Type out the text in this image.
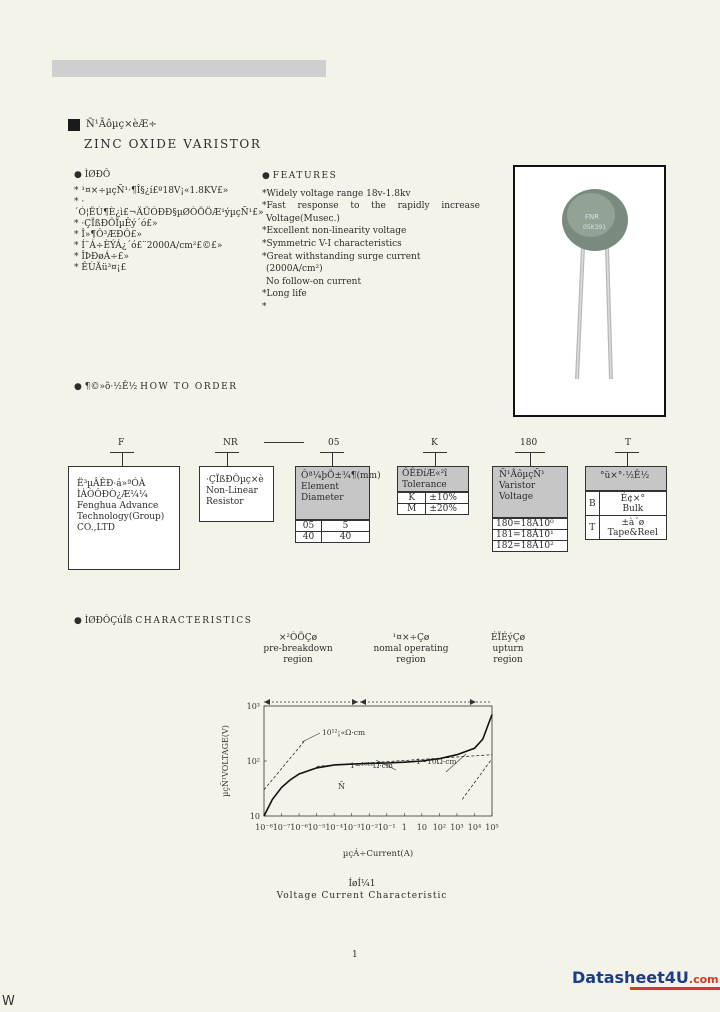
Ñ¹Ãôµç×èÆ÷
ZINC OXIDE VARISTOR
● ÌØÐÔ
* ¹¤×÷µçÑ¹·¶Î§¿í£º18V¡«1.8KV£»
* ·´Ó¦ËÙ¶È¿ì£¬ÄÜÓÐÐ§µØÒÖÖÆ¹ýµçÑ¹£»
* ·ÇÏßÐÔÏµÊý´ó£»
* Î»¶Ô³ÆÐÔ£»
* Í¨Á÷ÈÝÁ¿´ó£¨2000A/cm²£©£»
* ÎÞÐøÁ÷£»
* ÊÙÃü³¤¡£
● FEATURES
*Widely voltage range 18v-1.8kv
*Fast response to the rapidly increase
Voltage(Musec.)
*Excellent non-linearity voltage
*Symmetric V-I characteristics
*Great withstanding surge current
(2000A/cm²)
No follow-on current
*Long life
*
FNR
05K391
● ¶©»õ·½Ê½ HOW TO ORDER
F	NR	05	K	180	T
Ë³µÂÊÐ·á»ªÓÀ
ÌÀÒÔÐÒ¿Æ¼¼
Fenghua Advance
Technology(Group)
CO.,LTD
·ÇÏßÐÔµç×è
Non-Linear
Resistor
Ôª¼þÖ±¾¶(mm)
Element
Diameter
05	5
40	40
ÔÊÐíÆ«²î
Tolerance
K	±10%
M	±20%
Ñ¹ÃôµçÑ¹
Varistor
Voltage
180=18Á10⁰
181=18Á10¹
182=18Á10²
°ü×°·½Ê½
B	É¢×°
Bulk

T	±à´ø
Tape&Reel
● ÌØÐÔÇúÏß CHARACTERISTICS
×²ÒÖÇø
pre-breakdown
region
¹¤×÷Çø
nomal operating
region
ÉÏÉýÇø
upturn
region
10⁻⁸ 10⁻⁷ 10⁻⁶ 10⁻⁵ 10⁻⁴ 10⁻³ 10⁻² 10⁻¹ 1 10 10² 10³ 10⁴ 10⁵
10
10²
10³
µçÁ÷Current(A)
µçÑ¹VOLTAGE(V)	10¹²¡«Ω·cm
1~¹⁰¹²Ω·cm	1~10Ω·cm
Ñ
ÍøÍ¼1
Voltage Current Characteristic
1
W
Datasheet4U.com
